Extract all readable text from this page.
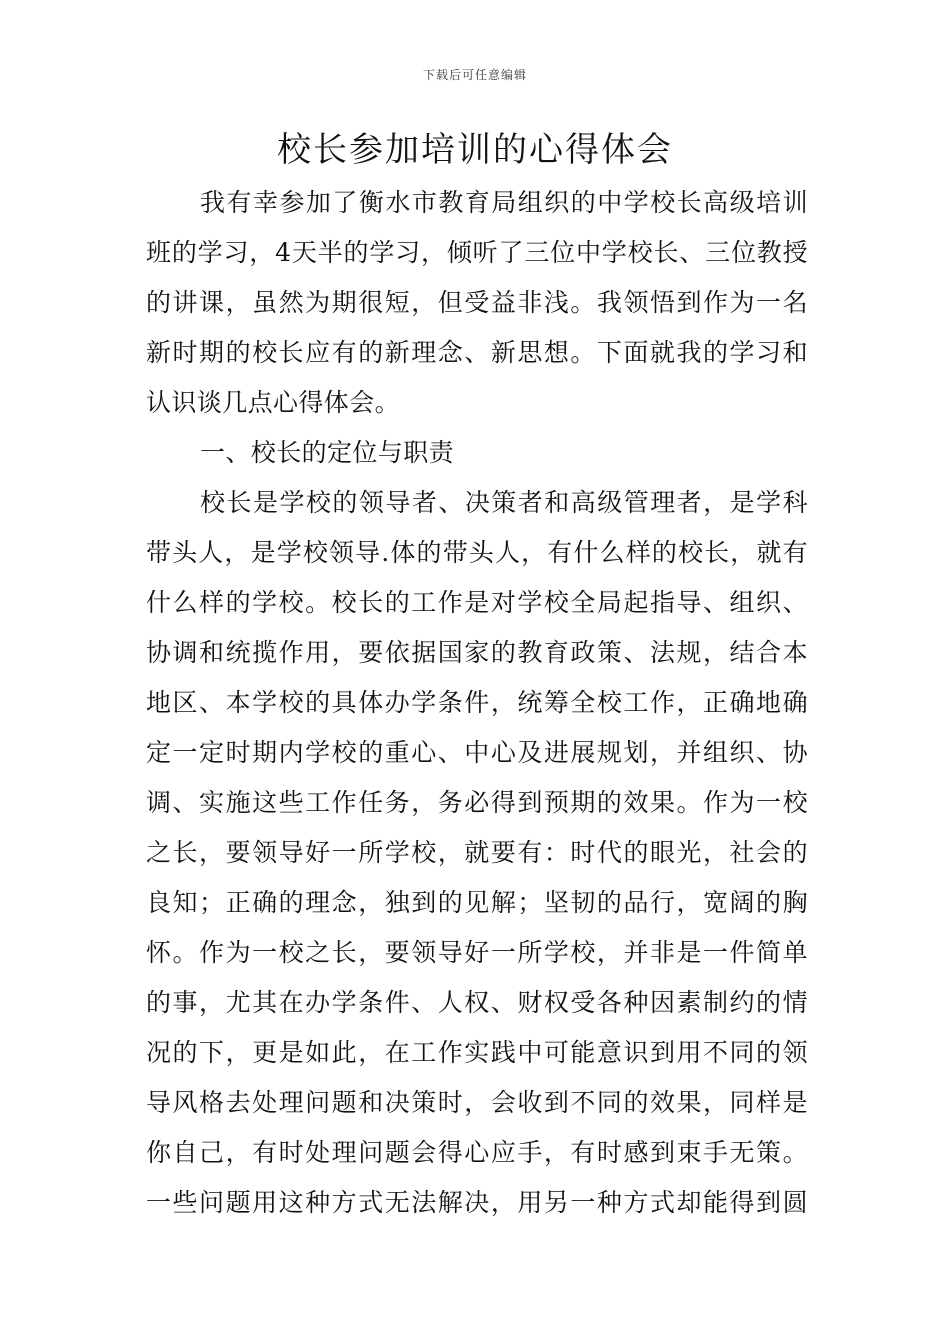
下载后可任意编辑
校长参加培训的心得体会
我有幸参加了衡水市教育局组织的中学校长高级培训
班的学习，4天半的学习，倾听了三位中学校长、三位教授
的讲课，虽然为期很短，但受益非浅。我领悟到作为一名
新时期的校长应有的新理念、新思想。下面就我的学习和
认识谈几点心得体会。
一、校长的定位与职责
校长是学校的领导者、决策者和高级管理者，是学科
带头人，是学校领导.体的带头人，有什么样的校长，就有
什么样的学校。校长的工作是对学校全局起指导、组织、
协调和统揽作用，要依据国家的教育政策、法规，结合本
地区、本学校的具体办学条件，统筹全校工作，正确地确
定一定时期内学校的重心、中心及进展规划，并组织、协
调、实施这些工作任务，务必得到预期的效果。作为一校
之长，要领导好一所学校，就要有：时代的眼光，社会的
良知；正确的理念，独到的见解；坚韧的品行，宽阔的胸
怀。作为一校之长，要领导好一所学校，并非是一件简单
的事，尤其在办学条件、人权、财权受各种因素制约的情
况的下，更是如此，在工作实践中可能意识到用不同的领
导风格去处理问题和决策时，会收到不同的效果，同样是
你自己，有时处理问题会得心应手，有时感到束手无策。
一些问题用这种方式无法解决，用另一种方式却能得到圆
